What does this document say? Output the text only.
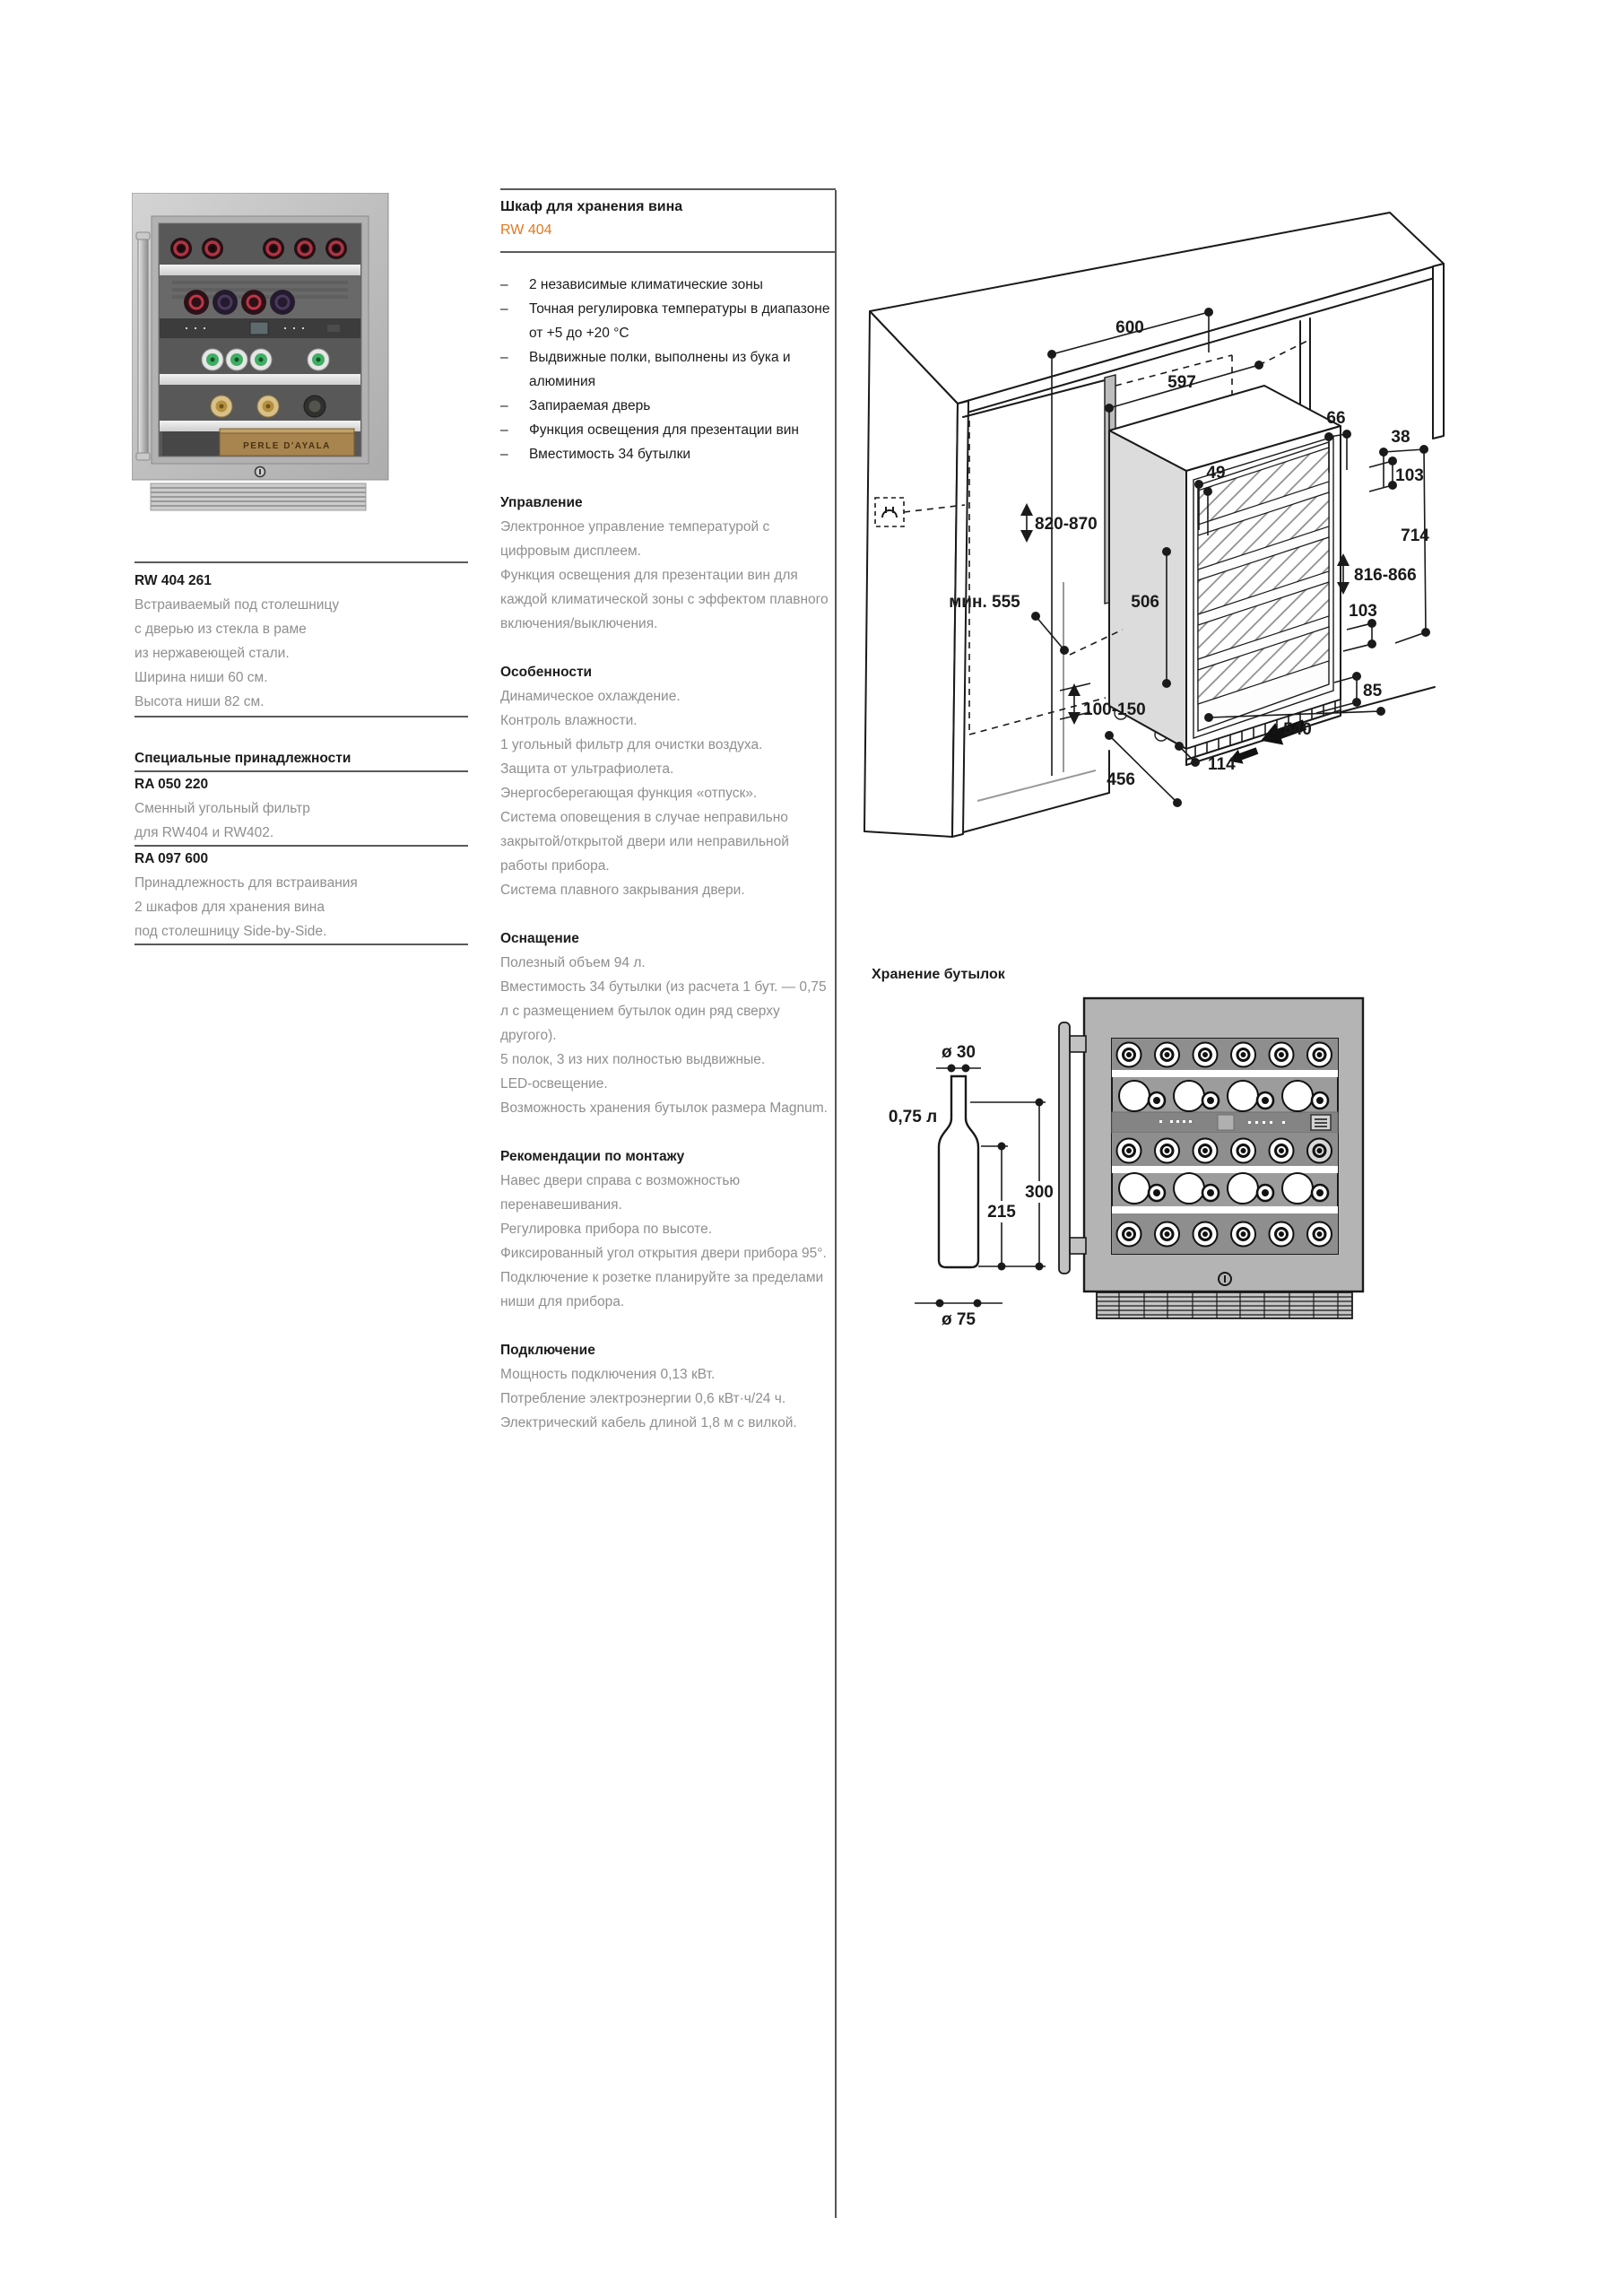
PERLE D'AYALA
RW 404 261
Встраиваемый под столешницу
с дверью из стекла в раме
из нержавеющей стали.
Ширина ниши 60 см.
Высота ниши 82 см.
Специальные принадлежности
RA 050 220
Сменный угольный фильтр
для RW404 и RW402.
RA 097 600
Принадлежность для встраивания
2 шкафов для хранения вина
под столешницу Side-by-Side.
Шкаф для хранения вина
RW 404
–	2 независимые климатические зоны
–	Точная регулировка температуры в диапазоне от +5 до +20 °C
–	Выдвижные полки, выполнены из бука и алюминия
–	Запираемая дверь
–	Функция освещения для презентации вин
–	Вместимость 34 бутылки
Управление
Электронное управление температурой с цифровым дисплеем.
Функция освещения для презентации вин для каждой климатической зоны с эффектом плавного включения/выключения.
Особенности
Динамическое охлаждение.
Контроль влажности.
1 угольный фильтр для очистки воздуха.
Защита от ультрафиолета.
Энергосберегающая функция «отпуск».
Система оповещения в случае неправильно закрытой/открытой двери или неправильной работы прибора.
Система плавного закрывания двери.
Оснащение
Полезный объем 94 л.
Вместимость 34 бутылки (из расчета 1 бут. — 0,75 л с размещением бутылок один ряд сверху другого).
5 полок, 3 из них полностью выдвижные.
LED-освещение.
Возможность хранения бутылок размера Magnum.
Рекомендации по монтажу
Навес двери справа с возможностью перенавешивания.
Регулировка прибора по высоте.
Фиксированный угол открытия двери прибора 95°.
Подключение к розетке планируйте за пределами ниши для прибора.
Подключение
Мощность подключения 0,13 кВт.
Потребление электроэнергии 0,6 кВт·ч/24 ч.
Электрический кабель длиной 1,8 м с вилкой.
600
597
66
38
103
714
49
820-870
мин. 555	506
816-866
103
85
540
114
456
100-150
Хранение бутылок
ø 30
0,75 л
300
215
ø 75
